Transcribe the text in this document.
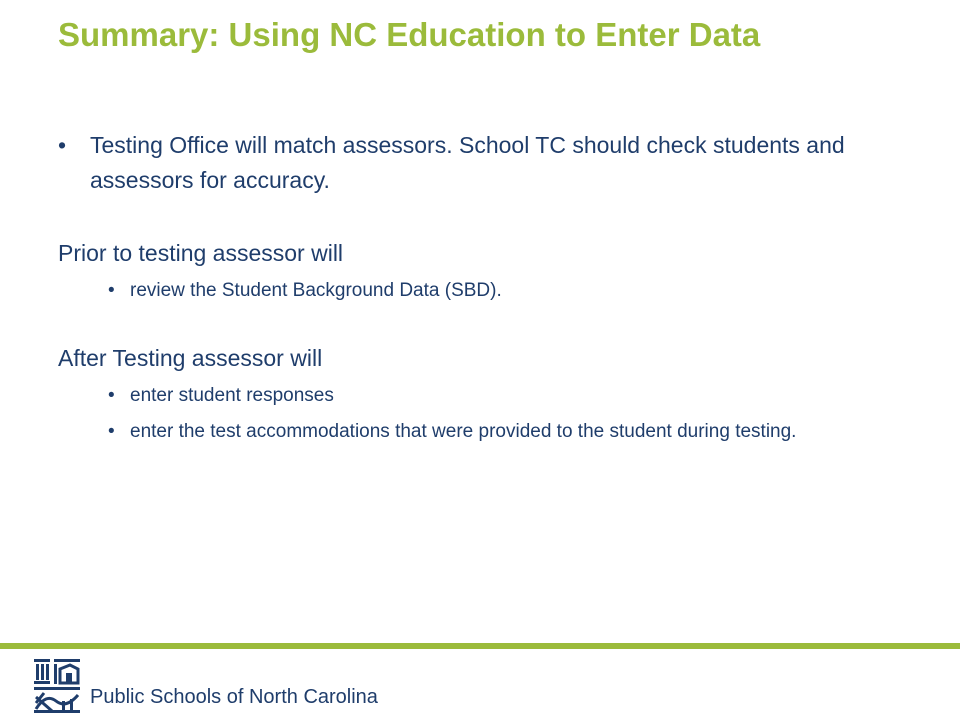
Summary: Using NC Education to Enter Data
• Testing Office will match assessors. School TC should check students and assessors for accuracy.
Prior to testing assessor will
• review the Student Background Data (SBD).
After Testing assessor will
• enter student responses
• enter the test accommodations that were provided to the student during testing.
Public Schools of North Carolina
